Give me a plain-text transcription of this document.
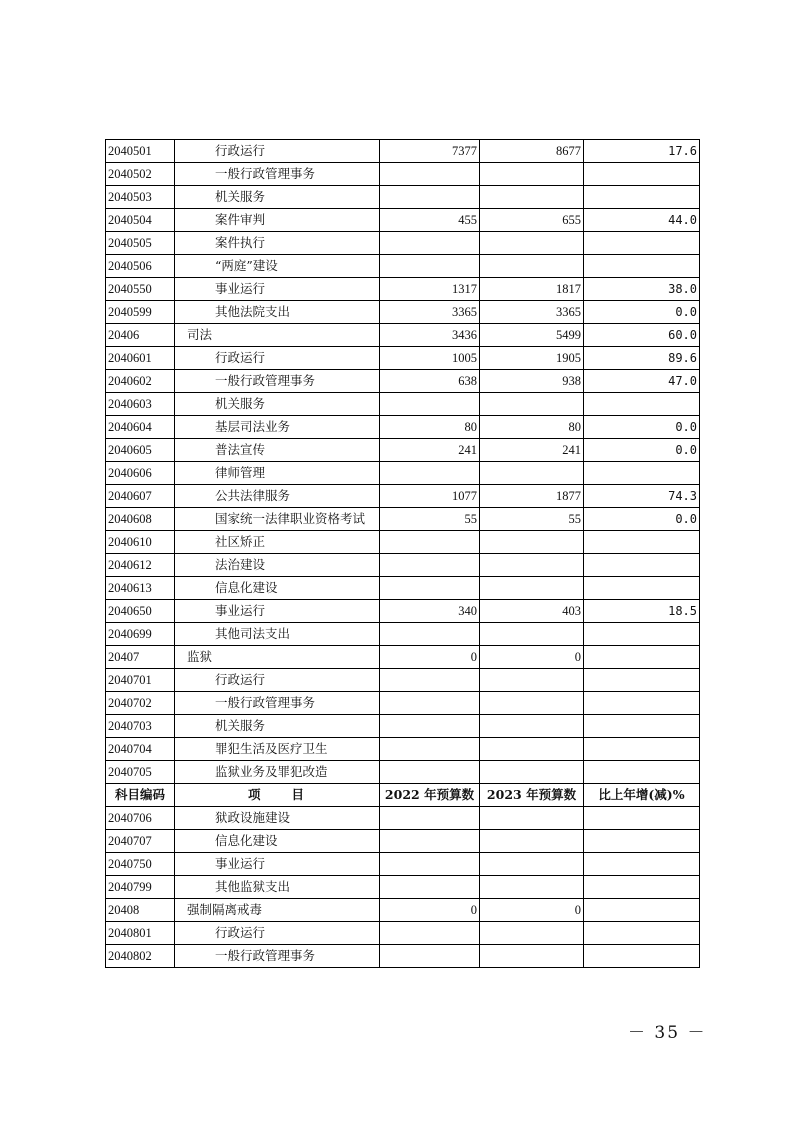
2040501	行政运行	7377	8677	17.6
2040502	一般行政管理事务			
2040503	机关服务			
2040504	案件审判	455	655	44.0
2040505	案件执行			
2040506	“两庭”建设			
2040550	事业运行	1317	1817	38.0
2040599	其他法院支出	3365	3365	0.0
20406	司法	3436	5499	60.0
2040601	行政运行	1005	1905	89.6
2040602	一般行政管理事务	638	938	47.0
2040603	机关服务			
2040604	基层司法业务	80	80	0.0
2040605	普法宣传	241	241	0.0
2040606	律师管理			
2040607	公共法律服务	1077	1877	74.3
2040608	国家统一法律职业资格考试	55	55	0.0
2040610	社区矫正			
2040612	法治建设			
2040613	信息化建设			
2040650	事业运行	340	403	18.5
2040699	其他司法支出			
20407	监狱	0	0	
2040701	行政运行			
2040702	一般行政管理事务			
2040703	机关服务			
2040704	罪犯生活及医疗卫生			
2040705	监狱业务及罪犯改造			
科目编码	项　　目	2022 年预算数	2023 年预算数	比上年增(减)%
2040706	狱政设施建设			
2040707	信息化建设			
2040750	事业运行			
2040799	其他监狱支出			
20408	强制隔离戒毒	0	0	
2040801	行政运行			
2040802	一般行政管理事务			
－ 35 －
